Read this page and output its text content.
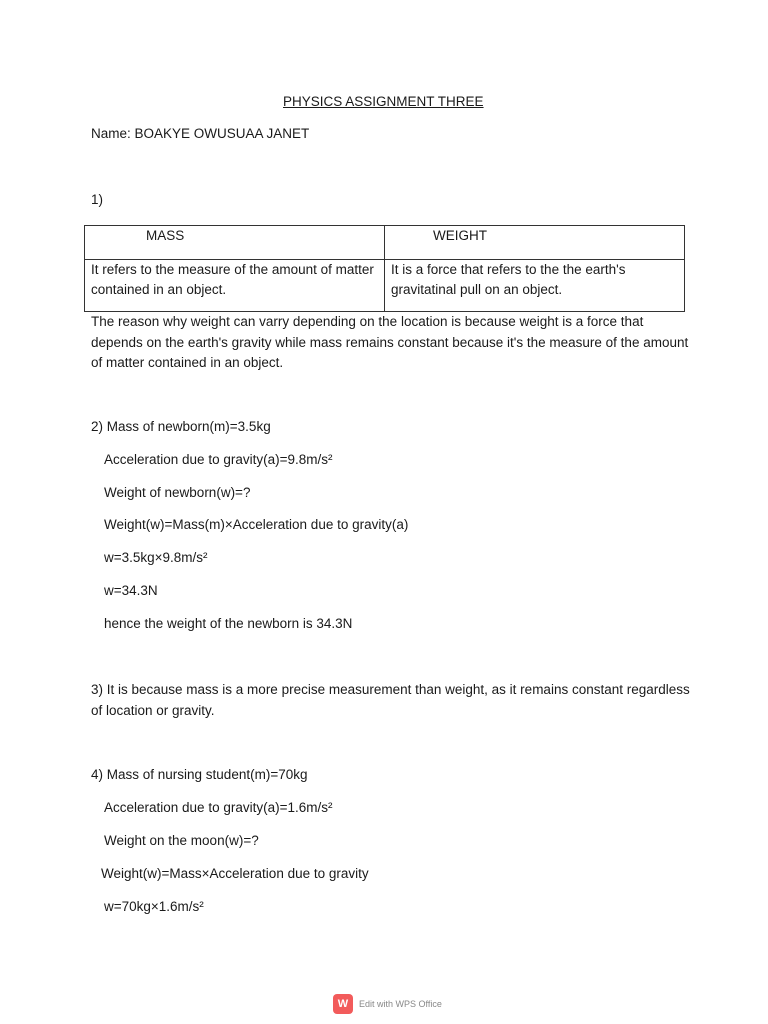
PHYSICS ASSIGNMENT THREE
Name: BOAKYE OWUSUAA JANET
1)
MASS	WEIGHT
It refers to the measure of the amount of matter contained in an object.	It is a force that refers to the the earth's gravitatinal pull on an object.
The reason why weight can varry depending on the location is because weight is a force that depends on the earth's gravity while mass remains constant because it's the measure of the amount of matter contained in an object.
2) Mass of newborn(m)=3.5kg
Acceleration due to gravity(a)=9.8m/s²
Weight of newborn(w)=?
Weight(w)=Mass(m)×Acceleration due to gravity(a)
w=3.5kg×9.8m/s²
w=34.3N
hence the weight of the newborn is 34.3N
3) It is because mass is a more precise measurement than weight, as it remains constant regardless of location or gravity.
4) Mass of nursing student(m)=70kg
Acceleration due to gravity(a)=1.6m/s²
Weight on the moon(w)=?
Weight(w)=Mass×Acceleration due to gravity
w=70kg×1.6m/s²
W	Edit with WPS Office
